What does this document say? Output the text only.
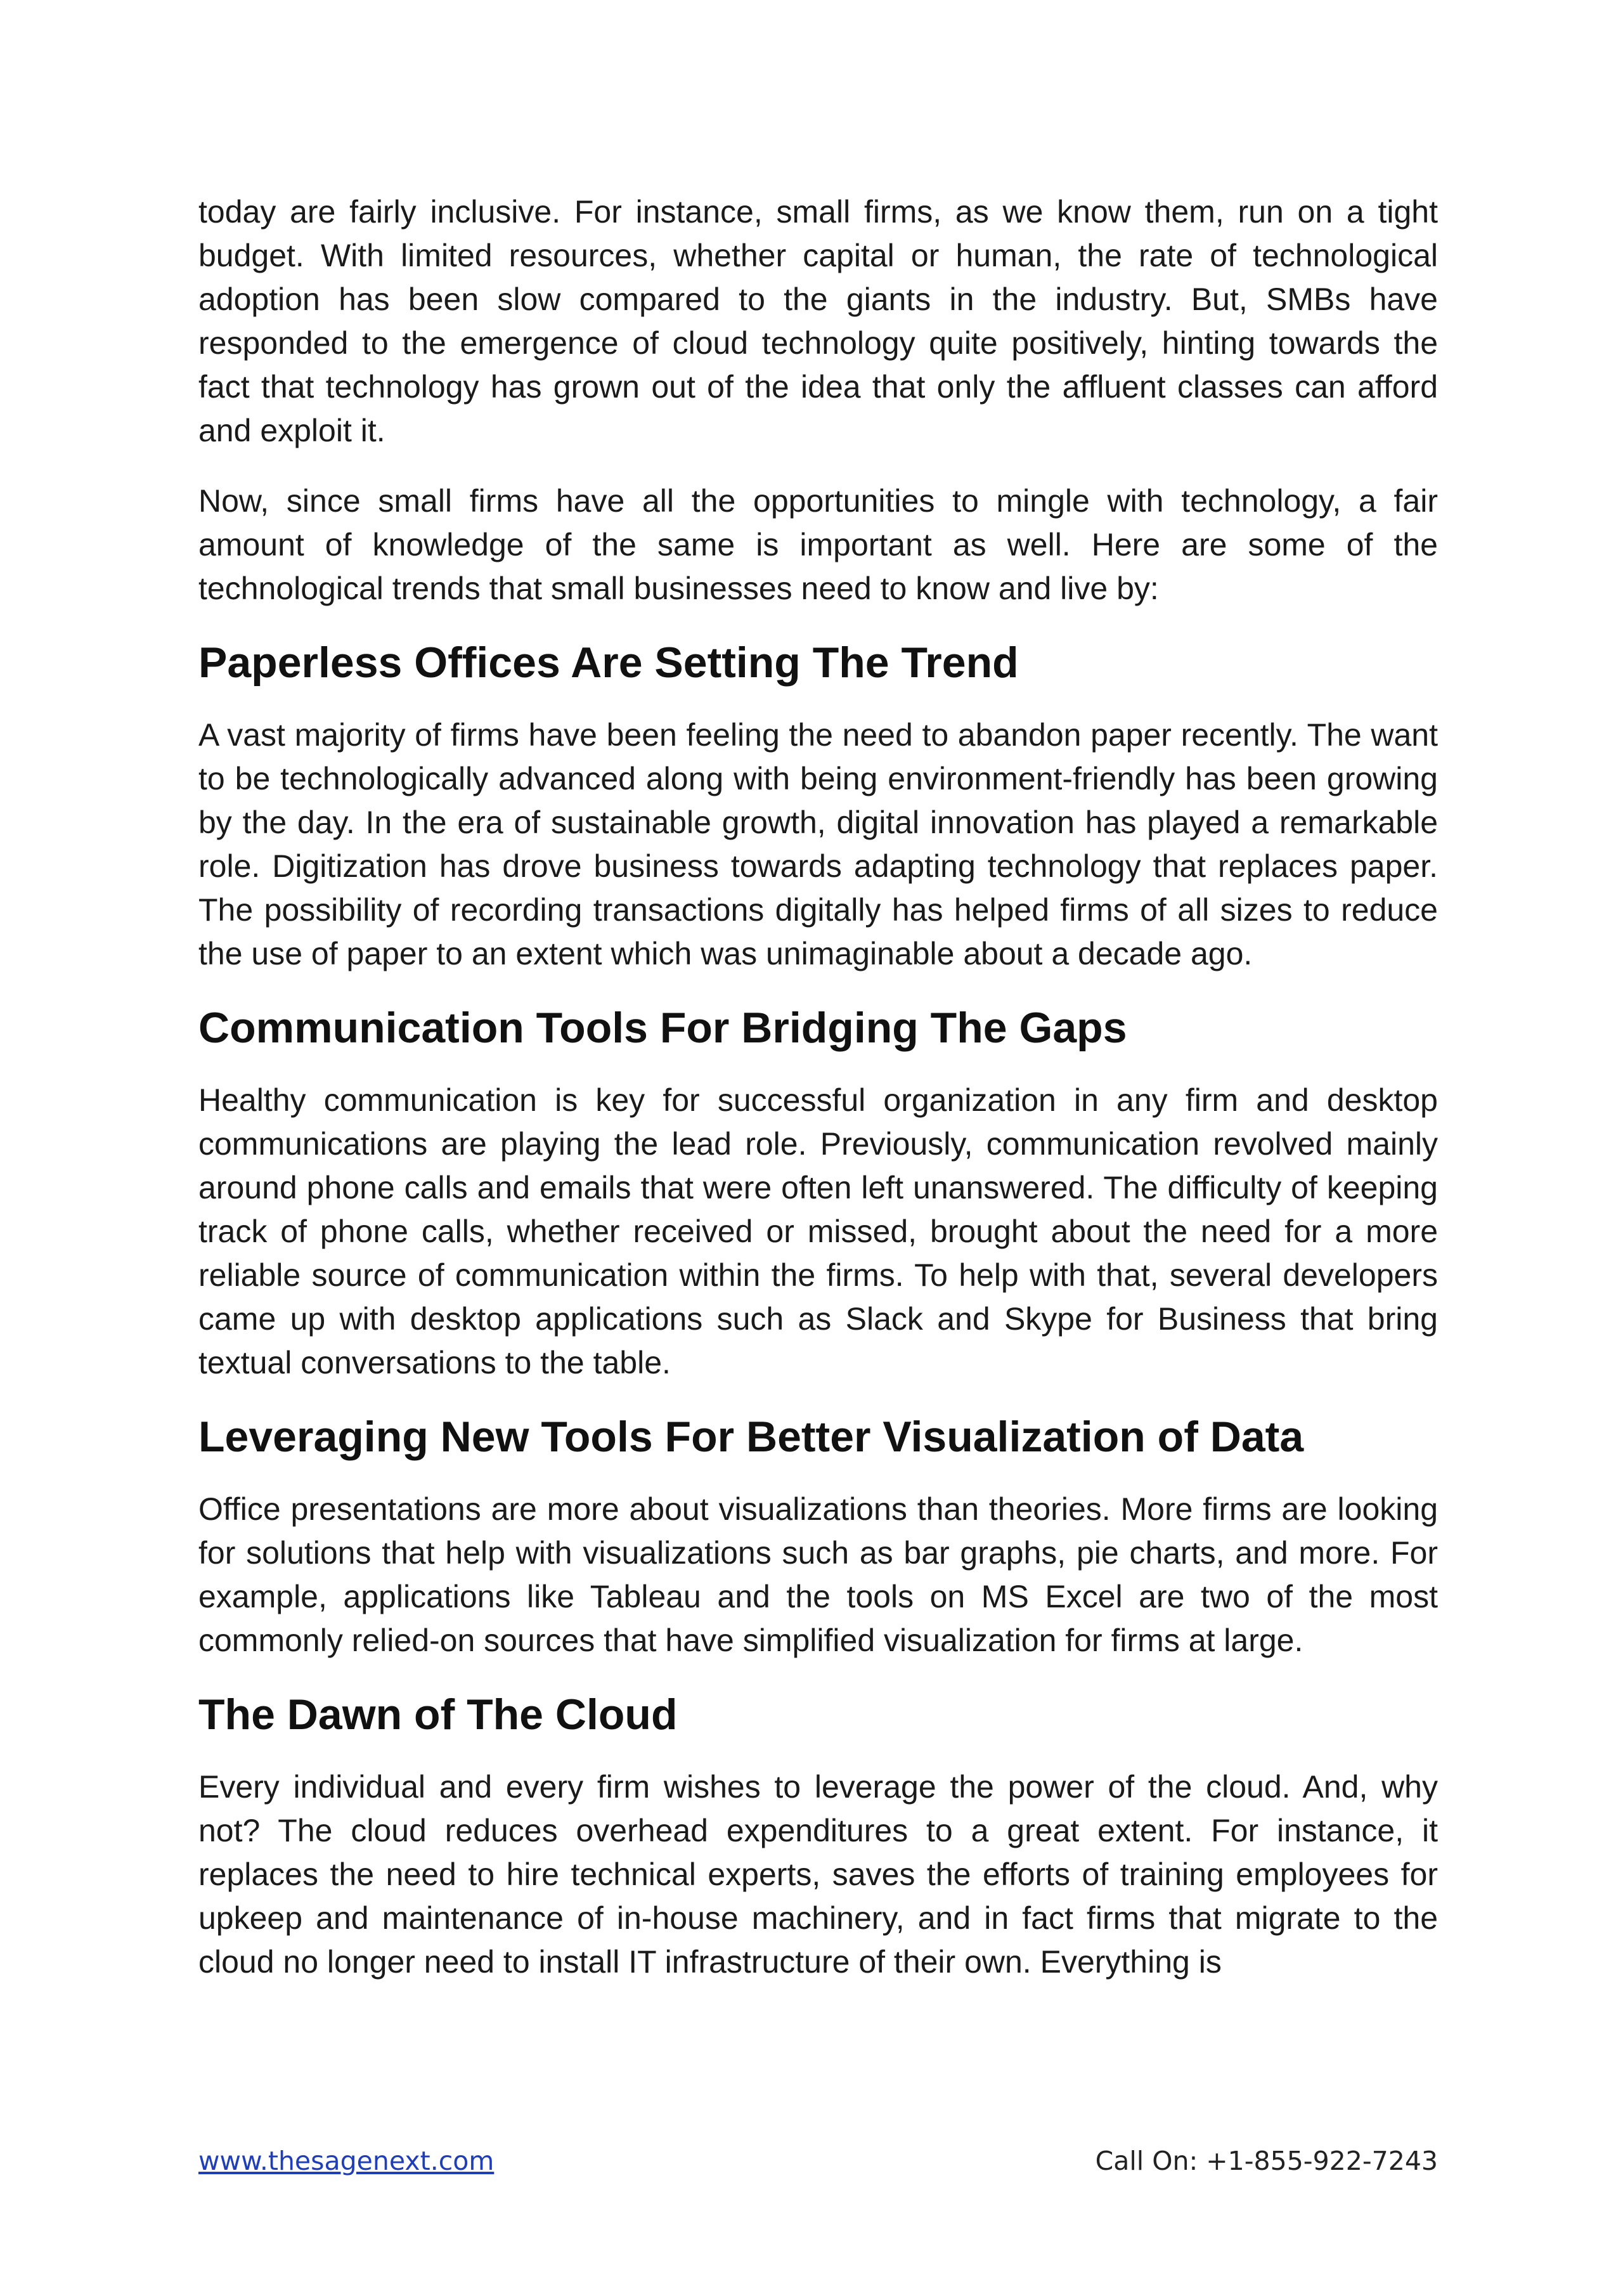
today are fairly inclusive. For instance, small firms, as we know them, run on a tight budget. With limited resources, whether capital or human, the rate of technological adoption has been slow compared to the giants in the industry. But, SMBs have responded to the emergence of cloud technology quite positively, hinting towards the fact that technology has grown out of the idea that only the affluent classes can afford and exploit it.

Now, since small firms have all the opportunities to mingle with technology, a fair amount of knowledge of the same is important as well. Here are some of the technological trends that small businesses need to know and live by:

Paperless Offices Are Setting The Trend

A vast majority of firms have been feeling the need to abandon paper recently. The want to be technologically advanced along with being environment-friendly has been growing by the day. In the era of sustainable growth, digital innovation has played a remarkable role. Digitization has drove business towards adapting technology that replaces paper. The possibility of recording transactions digitally has helped firms of all sizes to reduce the use of paper to an extent which was unimaginable about a decade ago.

Communication Tools For Bridging The Gaps

Healthy communication is key for successful organization in any firm and desktop communications are playing the lead role. Previously, communication revolved mainly around phone calls and emails that were often left unanswered. The difficulty of keeping track of phone calls, whether received or missed, brought about the need for a more reliable source of communication within the firms. To help with that, several developers came up with desktop applications such as Slack and Skype for Business that bring textual conversations to the table.

Leveraging New Tools For Better Visualization of Data

Office presentations are more about visualizations than theories. More firms are looking for solutions that help with visualizations such as bar graphs, pie charts, and more. For example, applications like Tableau and the tools on MS Excel are two of the most commonly relied-on sources that have simplified visualization for firms at large.

The Dawn of The Cloud

Every individual and every firm wishes to leverage the power of the cloud. And, why not? The cloud reduces overhead expenditures to a great extent. For instance, it replaces the need to hire technical experts, saves the efforts of training employees for upkeep and maintenance of in-house machinery, and in fact firms that migrate to the cloud no longer need to install IT infrastructure of their own. Everything is

www.thesagenext.com	Call On: +1-855-922-7243
